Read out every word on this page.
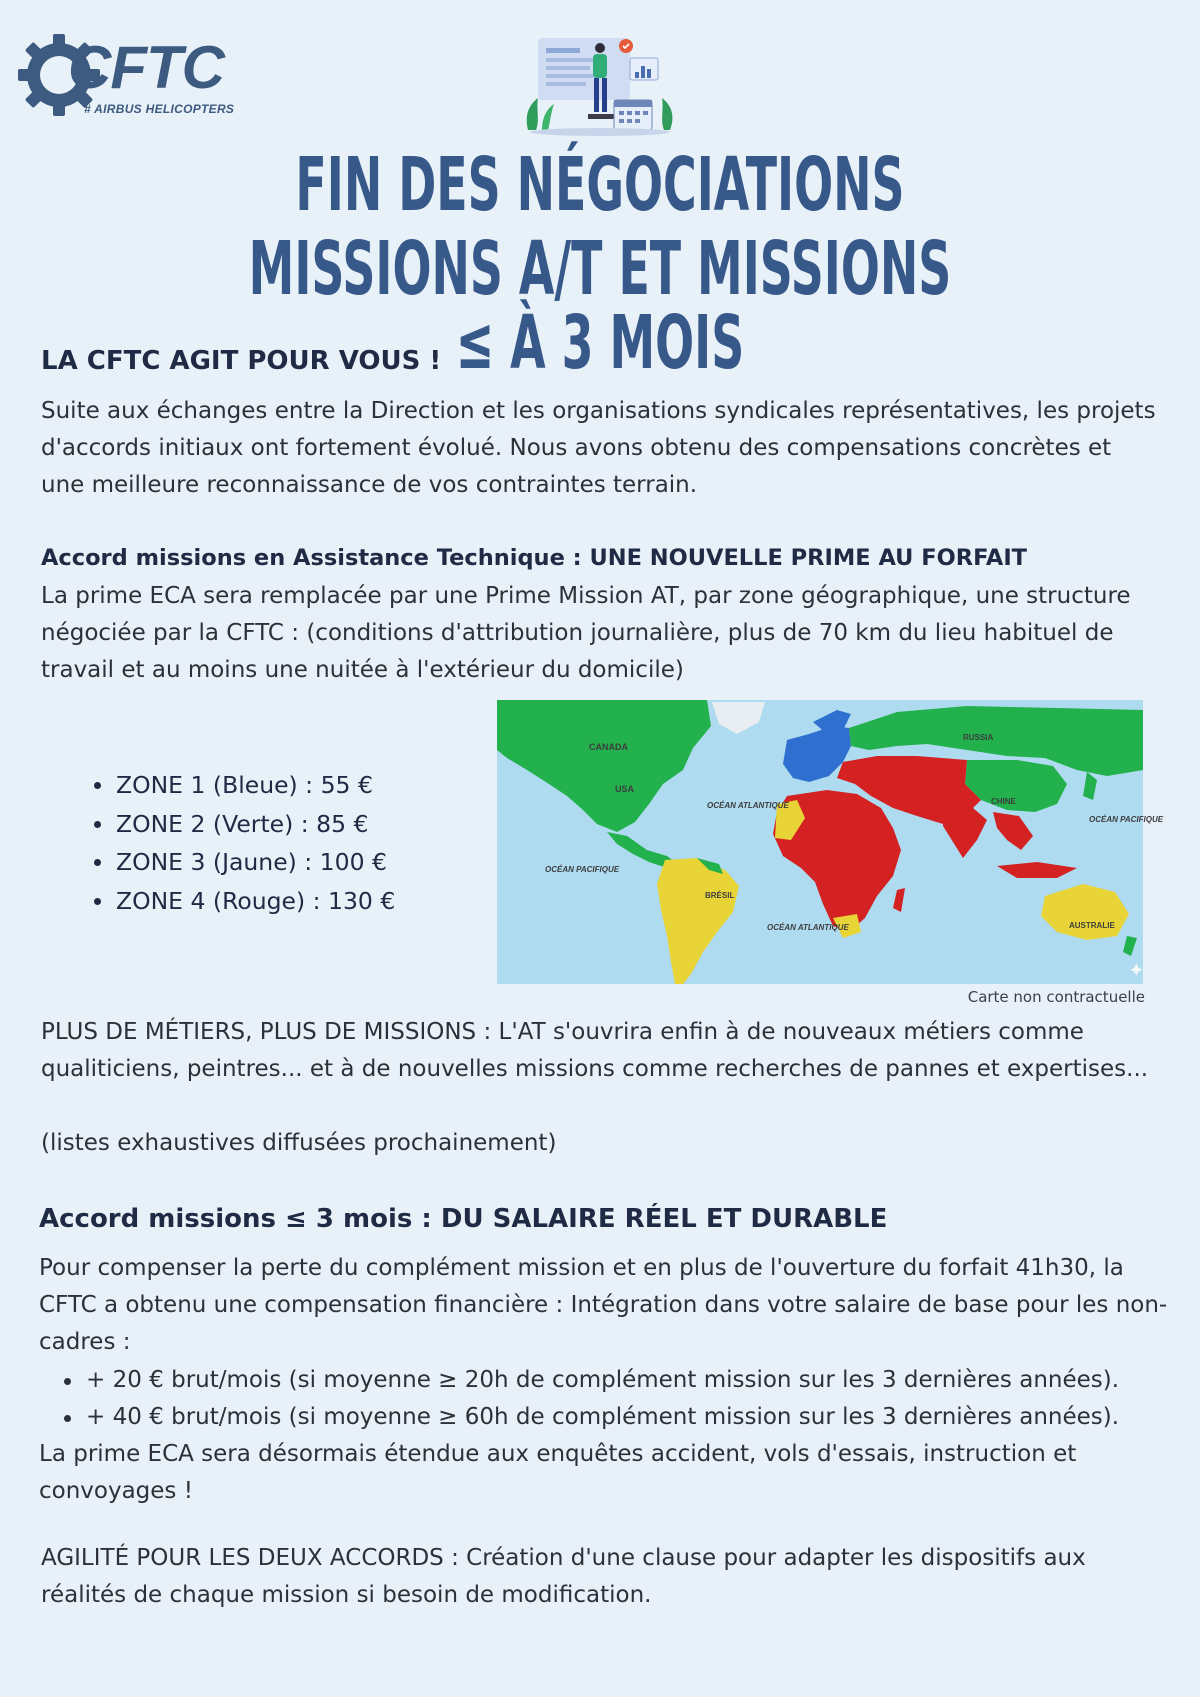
CFTC
# AIRBUS HELICOPTERS
FIN DES NÉGOCIATIONS
MISSIONS A/T ET MISSIONS ≤ À 3 MOIS
LA CFTC AGIT POUR VOUS !
Suite aux échanges entre la Direction et les organisations syndicales représentatives, les projets d'accords initiaux ont fortement évolué. Nous avons obtenu des compensations concrètes et une meilleure reconnaissance de vos contraintes terrain.
Accord missions en Assistance Technique : UNE NOUVELLE PRIME AU FORFAIT
La prime ECA sera remplacée par une Prime Mission AT, par zone géographique, une structure négociée par la CFTC : (conditions d'attribution journalière, plus de 70 km du lieu habituel de travail et au moins une nuitée à l'extérieur du domicile)
ZONE 1 (Bleue) : 55 €
ZONE 2 (Verte) : 85 €
ZONE 3 (Jaune) : 100 €
ZONE 4 (Rouge) : 130 €
CANADA
USA
RUSSIA
CHINE
BRÉSIL
AUSTRALIE
OCÉAN ATLANTIQUE
OCÉAN ATLANTIQUE
OCÉAN PACIFIQUE
OCÉAN PACIFIQUE
Carte non contractuelle
✦
PLUS DE MÉTIERS, PLUS DE MISSIONS : L'AT s'ouvrira enfin à de nouveaux métiers comme qualiticiens, peintres... et à de nouvelles missions comme recherches de pannes et expertises...
(listes exhaustives diffusées prochainement)
Accord missions ≤ 3 mois : DU SALAIRE RÉEL ET DURABLE
Pour compenser la perte du complément mission et en plus de l'ouverture du forfait 41h30, la CFTC a obtenu une compensation financière : Intégration dans votre salaire de base pour les non-cadres :
+ 20 € brut/mois (si moyenne ≥ 20h de complément mission sur les 3 dernières années).
+ 40 € brut/mois (si moyenne ≥ 60h de complément mission sur les 3 dernières années).
La prime ECA sera désormais étendue aux enquêtes accident, vols d'essais, instruction et convoyages !
AGILITÉ POUR LES DEUX ACCORDS : Création d'une clause pour adapter les dispositifs aux réalités de chaque mission si besoin de modification.
